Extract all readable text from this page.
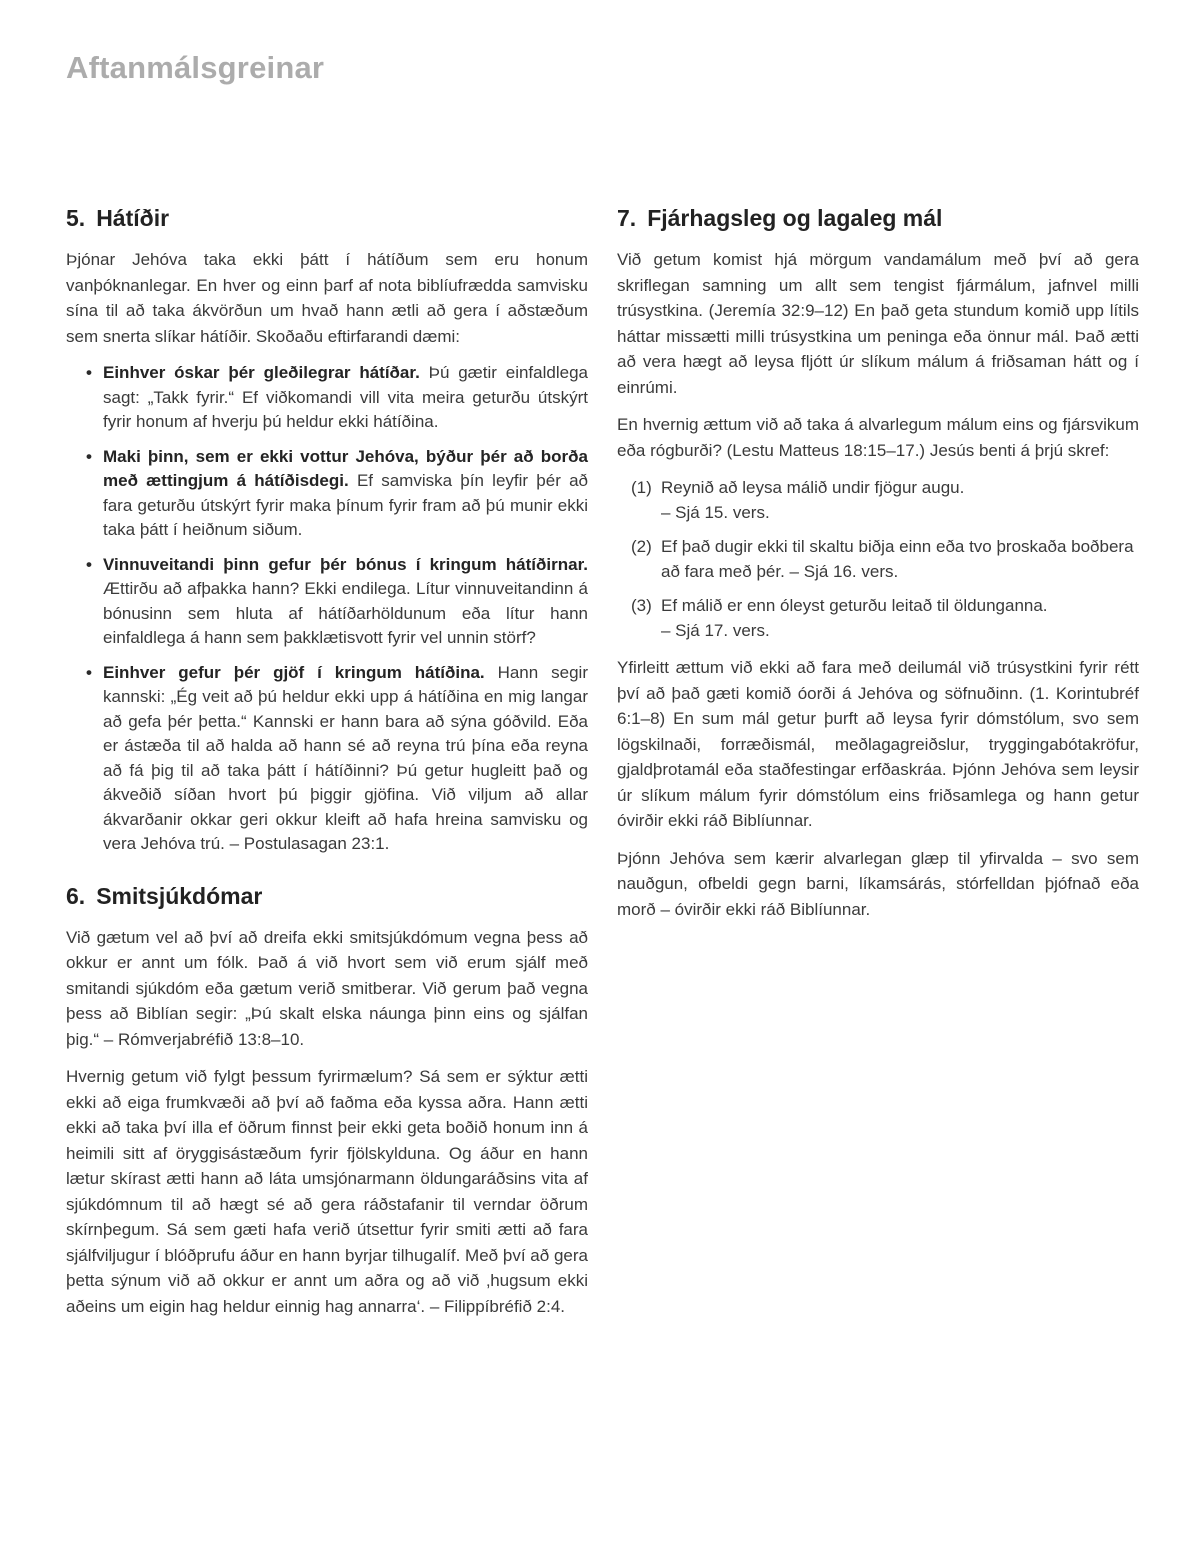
Aftanmálsgreinar
5. Hátíðir

Þjónar Jehóva taka ekki þátt í hátíðum sem eru honum vanþóknanlegar. En hver og einn þarf af nota biblíufrædda samvisku sína til að taka ákvörðun um hvað hann ætli að gera í aðstæðum sem snerta slíkar hátíðir. Skoðaðu eftirfarandi dæmi:

• Einhver óskar þér gleðilegrar hátíðar. Þú gætir einfaldlega sagt: „Takk fyrir.“ Ef viðkomandi vill vita meira geturðu útskýrt fyrir honum af hverju þú heldur ekki hátíðina.
• Maki þinn, sem er ekki vottur Jehóva, býður þér að borða með ættingjum á hátíðisdegi. Ef samviska þín leyfir þér að fara geturðu útskýrt fyrir maka þínum fyrir fram að þú munir ekki taka þátt í heiðnum siðum.
• Vinnuveitandi þinn gefur þér bónus í kringum hátíðirnar. Ættirðu að afþakka hann? Ekki endilega. Lítur vinnuveitandinn á bónusinn sem hluta af hátíðarhöldunum eða lítur hann einfaldlega á hann sem þakklætisvott fyrir vel unnin störf?
• Einhver gefur þér gjöf í kringum hátíðina. Hann segir kannski: „Ég veit að þú heldur ekki upp á hátíðina en mig langar að gefa þér þetta.“ Kannski er hann bara að sýna góðvild. Eða er ástæða til að halda að hann sé að reyna trú þína eða reyna að fá þig til að taka þátt í hátíðinni? Þú getur hugleitt það og ákveðið síðan hvort þú þiggir gjöfina. Við viljum að allar ákvarðanir okkar geri okkur kleift að hafa hreina samvisku og vera Jehóva trú. – Postulasagan 23:1.
6. Smitsjúkdómar

Við gætum vel að því að dreifa ekki smitsjúkdómum vegna þess að okkur er annt um fólk. Það á við hvort sem við erum sjálf með smitandi sjúkdóm eða gætum verið smitberar. Við gerum það vegna þess að Biblían segir: „Þú skalt elska náunga þinn eins og sjálfan þig.“ – Rómverjabréfið 13:8–10.

Hvernig getum við fylgt þessum fyrirmælum? Sá sem er sýktur ætti ekki að eiga frumkvæði að því að faðma eða kyssa aðra. Hann ætti ekki að taka því illa ef öðrum finnst þeir ekki geta boðið honum inn á heimili sitt af öryggisástæðum fyrir fjölskylduna. Og áður en hann lætur skírast ætti hann að láta umsjónarmann öldungaráðsins vita af sjúkdómnum til að hægt sé að gera ráðstafanir til verndar öðrum skírnþegum. Sá sem gæti hafa verið útsettur fyrir smiti ætti að fara sjálfviljugur í blóðprufu áður en hann byrjar tilhugalíf. Með því að gera þetta sýnum við að okkur er annt um aðra og að við ‚hugsum ekki aðeins um eigin hag heldur einnig hag annarra‘. – Filippíbréfið 2:4.

7. Fjárhagsleg og lagaleg mál

Við getum komist hjá mörgum vandamálum með því að gera skriflegan samning um allt sem tengist fjármálum, jafnvel milli trúsystkina. (Jeremía 32:9–12) En það geta stundum komið upp lítils háttar missætti milli trúsystkina um peninga eða önnur mál. Það ætti að vera hægt að leysa fljótt úr slíkum málum á friðsaman hátt og í einrúmi.

En hvernig ættum við að taka á alvarlegum málum eins og fjársvikum eða rógburði? (Lestu Matteus 18:15–17.) Jesús benti á þrjú skref:

(1) Reynið að leysa málið undir fjögur augu.
– Sjá 15. vers.
(2) Ef það dugir ekki til skaltu biðja einn eða tvo þroskaða boðbera að fara með þér. – Sjá 16. vers.
(3) Ef málið er enn óleyst geturðu leitað til öldunganna.
– Sjá 17. vers.

Yfirleitt ættum við ekki að fara með deilumál við trúsystkini fyrir rétt því að það gæti komið óorði á Jehóva og söfnuðinn. (1. Korintubréf 6:1–8) En sum mál getur þurft að leysa fyrir dómstólum, svo sem lögskilnaði, forræðismál, meðlagagreiðslur, tryggingabótakröfur, gjaldþrotamál eða staðfestingar erfðaskráa. Þjónn Jehóva sem leysir úr slíkum málum fyrir dómstólum eins friðsamlega og hann getur óvirðir ekki ráð Biblíunnar.

Þjónn Jehóva sem kærir alvarlegan glæp til yfirvalda – svo sem nauðgun, ofbeldi gegn barni, líkamsárás, stórfelldan þjófnað eða morð – óvirðir ekki ráð Biblíunnar.
